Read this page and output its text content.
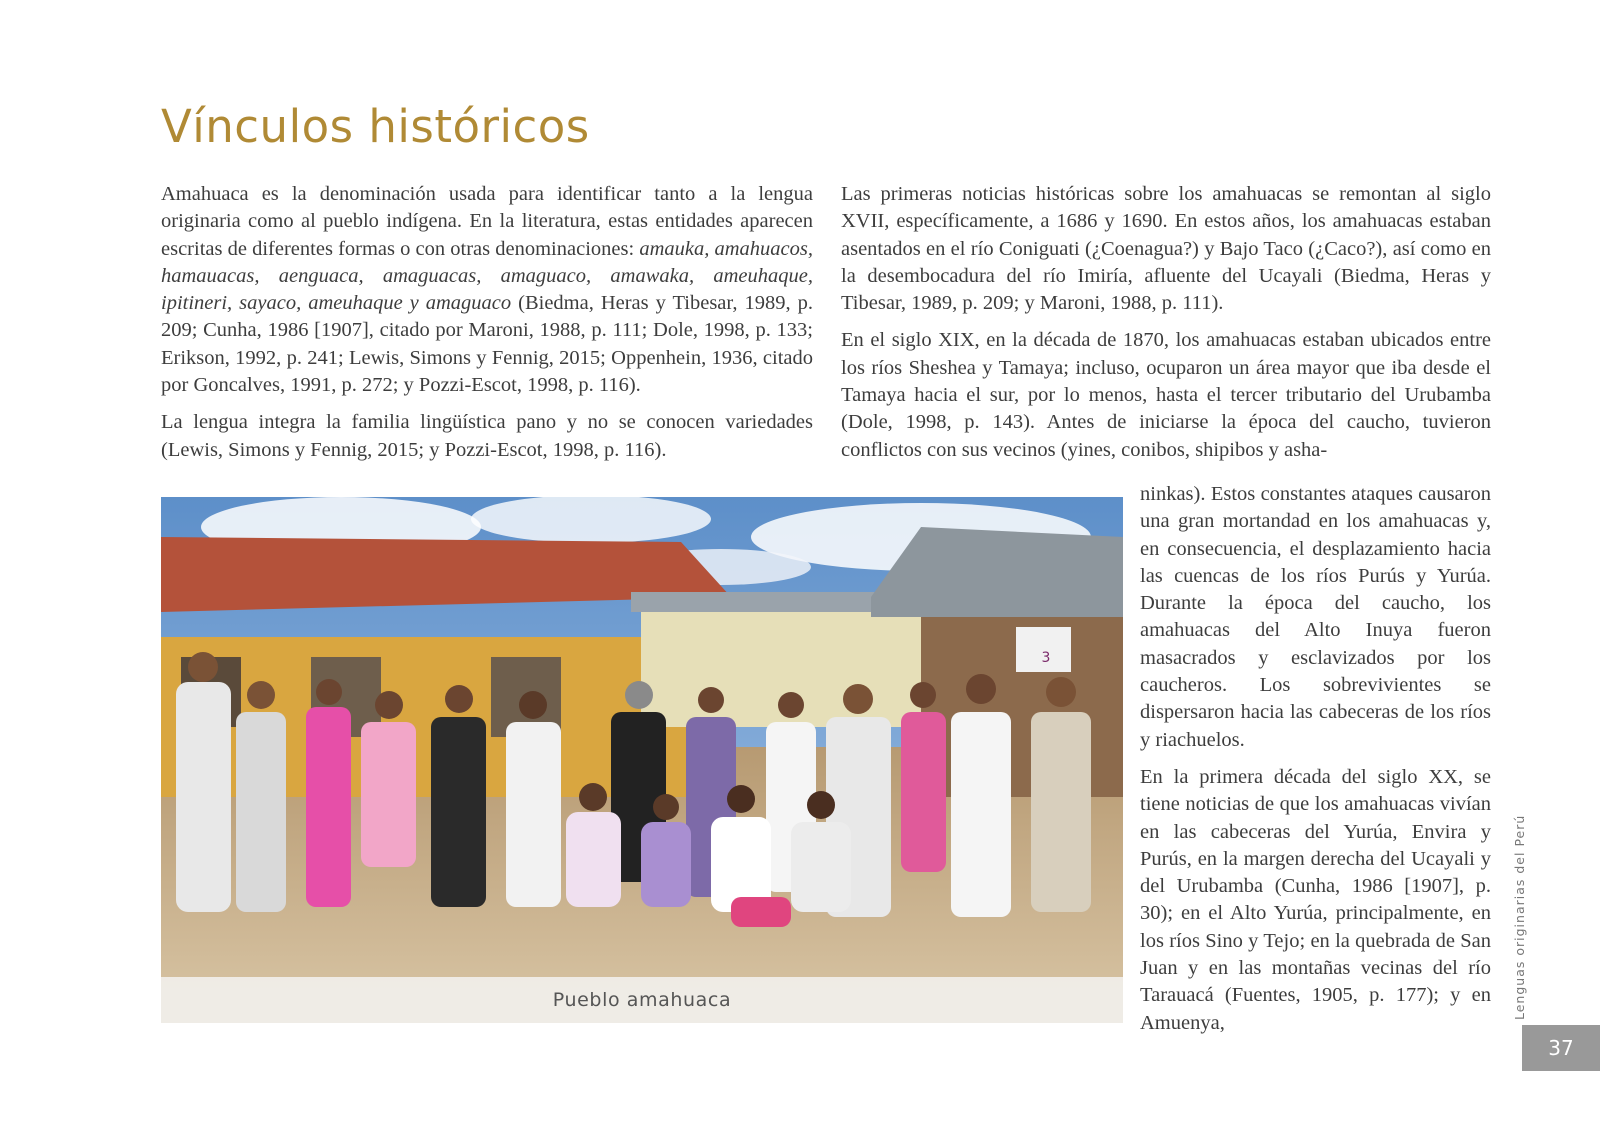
Vínculos históricos

Amahuaca es la denominación usada para identificar tanto a la lengua originaria como al pueblo indígena. En la literatura, estas entidades aparecen escritas de diferentes formas o con otras denominaciones: amauka, amahuacos, hamauacas, aenguaca, amaguacas, amaguaco, amawaka, ameuhaque, ipitineri, sayaco, ameuhaque y amaguaco (Biedma, Heras y Tibesar, 1989, p. 209; Cunha, 1986 [1907], citado por Maroni, 1988, p. 111; Dole, 1998, p. 133; Erikson, 1992, p. 241; Lewis, Simons y Fennig, 2015; Oppenhein, 1936, citado por Goncalves, 1991, p. 272; y Pozzi-Escot, 1998, p. 116).

La lengua integra la familia lingüística pano y no se conocen variedades (Lewis, Simons y Fennig, 2015; y Pozzi-Escot, 1998, p. 116).

Las primeras noticias históricas sobre los amahuacas se remontan al siglo XVII, específicamente, a 1686 y 1690. En estos años, los amahuacas estaban asentados en el río Coniguati (¿Coenagua?) y Bajo Taco (¿Caco?), así como en la desembocadura del río Imiría, afluente del Ucayali (Biedma, Heras y Tibesar, 1989, p. 209; y Maroni, 1988, p. 111).

En el siglo XIX, en la década de 1870, los amahuacas estaban ubicados entre los ríos Sheshea y Tamaya; incluso, ocuparon un área mayor que iba desde el Tamaya hacia el sur, por lo menos, hasta el tercer tributario del Urubamba (Dole, 1998, p. 143). Antes de iniciarse la época del caucho, tuvieron conflictos con sus vecinos (yines, conibos, shipibos y asha-

ninkas). Estos constantes ataques causaron una gran mortandad en los amahuacas y, en consecuencia, el desplazamiento hacia las cuencas de los ríos Purús y Yurúa. Durante la época del caucho, los amahuacas del Alto Inuya fueron masacrados y esclavizados por los caucheros. Los sobrevivientes se dispersaron hacia las cabeceras de los ríos y riachuelos.

En la primera década del siglo XX, se tiene noticias de que los amahuacas vivían en las cabeceras del Yurúa, Envira y Purús, en la margen derecha del Ucayali y del Urubamba (Cunha, 1986 [1907], p. 30); en el Alto Yurúa, principalmente, en los ríos Sino y Tejo; en la quebrada de San Juan y en las montañas vecinas del río Tarauacá (Fuentes, 1905, p. 177); y en Amuenya,

3
Pueblo amahuaca	Lenguas originarias del Perú
37
